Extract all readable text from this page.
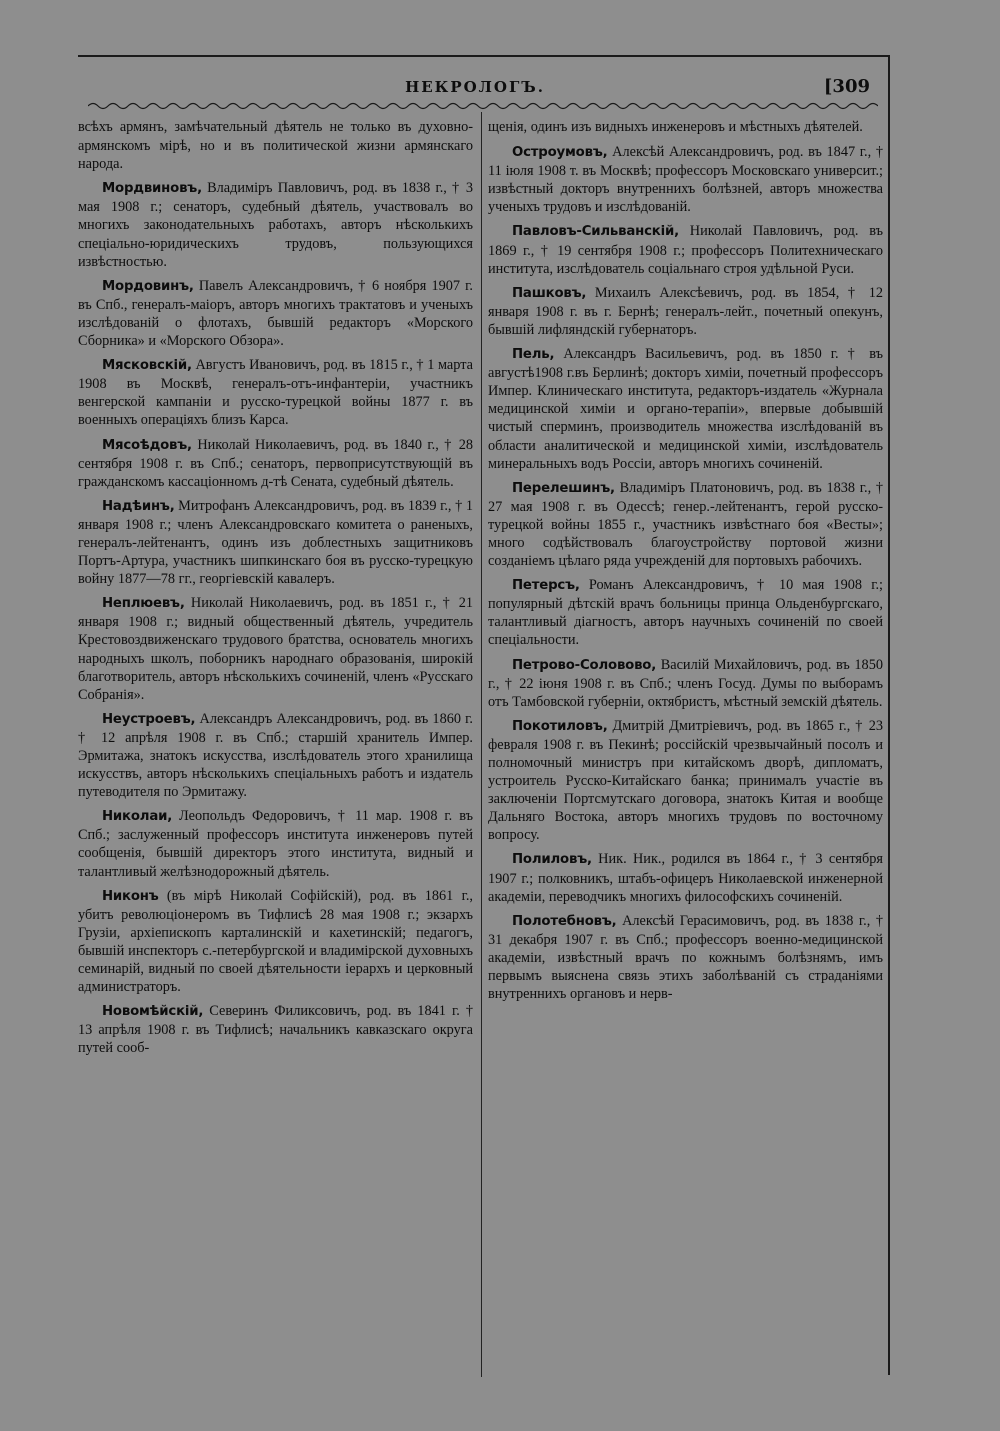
НЕКРОЛОГЪ.	[309

всѣхъ армянъ, замѣчательный дѣятель не только въ духовно-армянскомъ мірѣ, но и въ политической жизни армянскаго народа.

Мордвиновъ, Владиміръ Павловичъ, род. въ 1838 г., † 3 мая 1908 г.; сенаторъ, судебный дѣятель, участвовалъ во многихъ законодательныхъ работахъ, авторъ нѣсколькихъ спеціально-юридическихъ трудовъ, пользующихся извѣстностью.

Мордовинъ, Павелъ Александровичъ, † 6 ноября 1907 г. въ Спб., генералъ-маіоръ, авторъ многихъ трактатовъ и ученыхъ изслѣдованій о флотахъ, бывшій редакторъ «Морского Сборника» и «Морского Обзора».

Мясковскій, Августъ Ивановичъ, род. въ 1815 г., † 1 марта 1908 въ Москвѣ, генералъ-отъ-инфантеріи, участникъ венгерской кампаніи и русско-турецкой войны 1877 г. въ военныхъ операціяхъ близъ Карса.

Мясоѣдовъ, Николай Николаевичъ, род. въ 1840 г., † 28 сентября 1908 г. въ Спб.; сенаторъ, первоприсутствующій въ гражданскомъ кассаціонномъ д-тѣ Сената, судебный дѣятель.

Надѣинъ, Митрофанъ Александровичъ, род. въ 1839 г., † 1 января 1908 г.; членъ Александровскаго комитета о раненыхъ, генералъ-лейтенантъ, одинъ изъ доблестныхъ защитниковъ Портъ-Артура, участникъ шипкинскаго боя въ русско-турецкую войну 1877—78 гг., георгіевскій кавалеръ.

Неплюевъ, Николай Николаевичъ, род. въ 1851 г., † 21 января 1908 г.; видный общественный дѣятель, учредитель Крестовоздвиженскаго трудового братства, основатель многихъ народныхъ школъ, поборникъ народнаго образованія, широкій благотворитель, авторъ нѣсколькихъ сочиненій, членъ «Русскаго Собранія».

Неустроевъ, Александръ Александровичъ, род. въ 1860 г. † 12 апрѣля 1908 г. въ Спб.; старшій хранитель Импер. Эрмитажа, знатокъ искусства, изслѣдователь этого хранилища искусствъ, авторъ нѣсколькихъ спеціальныхъ работъ и издатель путеводителя по Эрмитажу.

Николаи, Леопольдъ Федоровичъ, † 11 мар. 1908 г. въ Спб.; заслуженный профессоръ института инженеровъ путей сообщенія, бывшій директоръ этого института, видный и талантливый желѣзнодорожный дѣятель.

Никонъ (въ мірѣ Николай Софійскій), род. въ 1861 г., убитъ революціонеромъ въ Тифлисѣ 28 мая 1908 г.; экзархъ Грузіи, архіепископъ карталинскій и кахетинскій; педагогъ, бывшій инспекторъ с.-петербургской и владимірской духовныхъ семинарій, видный по своей дѣятельности іерархъ и церковный администраторъ.

Новомѣйскій, Северинъ Филиксовичъ, род. въ 1841 г. † 13 апрѣля 1908 г. въ Тифлисѣ; начальникъ кавказскаго округа путей сооб-

щенія, одинъ изъ видныхъ инженеровъ и мѣстныхъ дѣятелей.

Остроумовъ, Алексѣй Александровичъ, род. въ 1847 г., † 11 іюля 1908 т. въ Москвѣ; профессоръ Московскаго университ.; извѣстный докторъ внутреннихъ болѣзней, авторъ множества ученыхъ трудовъ и изслѣдованій.

Павловъ-Сильванскій, Николай Павловичъ, род. въ 1869 г., † 19 сентября 1908 г.; профессоръ Политехническаго института, изслѣдователь соціальнаго строя удѣльной Руси.

Пашковъ, Михаилъ Алексѣевичъ, род. въ 1854, † 12 января 1908 г. въ г. Бернѣ; генералъ-лейт., почетный опекунъ, бывшій лифляндскій губернаторъ.

Пель, Александръ Васильевичъ, род. въ 1850 г. † въ августѣ1908 г.въ Берлинѣ; докторъ химіи, почетный профессоръ Импер. Клиническаго института, редакторъ-издатель «Журнала медицинской химіи и органо-терапіи», впервые добывшій чистый сперминъ, производитель множества изслѣдованій въ области аналитической и медицинской химіи, изслѣдователь минеральныхъ водъ Россіи, авторъ многихъ сочиненій.

Перелешинъ, Владиміръ Платоновичъ, род. въ 1838 г., † 27 мая 1908 г. въ Одессѣ; генер.-лейтенантъ, герой русско-турецкой войны 1855 г., участникъ извѣстнаго боя «Весты»; много содѣйствовалъ благоустройству портовой жизни созданіемъ цѣлаго ряда учрежденій для портовыхъ рабочихъ.

Петерсъ, Романъ Александровичъ, † 10 мая 1908 г.; популярный дѣтскій врачъ больницы принца Ольденбургскаго, талантливый діагностъ, авторъ научныхъ сочиненій по своей спеціальности.

Петрово-Соловово, Василій Михайловичъ, род. въ 1850 г., † 22 іюня 1908 г. въ Спб.; членъ Госуд. Думы по выборамъ отъ Тамбовской губерніи, октябристъ, мѣстный земскій дѣятель.

Покотиловъ, Дмитрій Дмитріевичъ, род. въ 1865 г., † 23 февраля 1908 г. въ Пекинѣ; россійскій чрезвычайный посолъ и полномочный министръ при китайскомъ дворѣ, дипломатъ, устроитель Русско-Китайскаго банка; принималъ участіе въ заключеніи Портсмутскаго договора, знатокъ Китая и вообще Дальняго Востока, авторъ многихъ трудовъ по восточному вопросу.

Полиловъ, Ник. Ник., родился въ 1864 г., † 3 сентября 1907 г.; полковникъ, штабъ-офицеръ Николаевской инженерной академіи, переводчикъ многихъ философскихъ сочиненій.

Полотебновъ, Алексѣй Герасимовичъ, род. въ 1838 г., † 31 декабря 1907 г. въ Спб.; профессоръ военно-медицинской академіи, извѣстный врачъ по кожнымъ болѣзнямъ, имъ первымъ выяснена связь этихъ заболѣваній съ страданіями внутреннихъ органовъ и нерв-
